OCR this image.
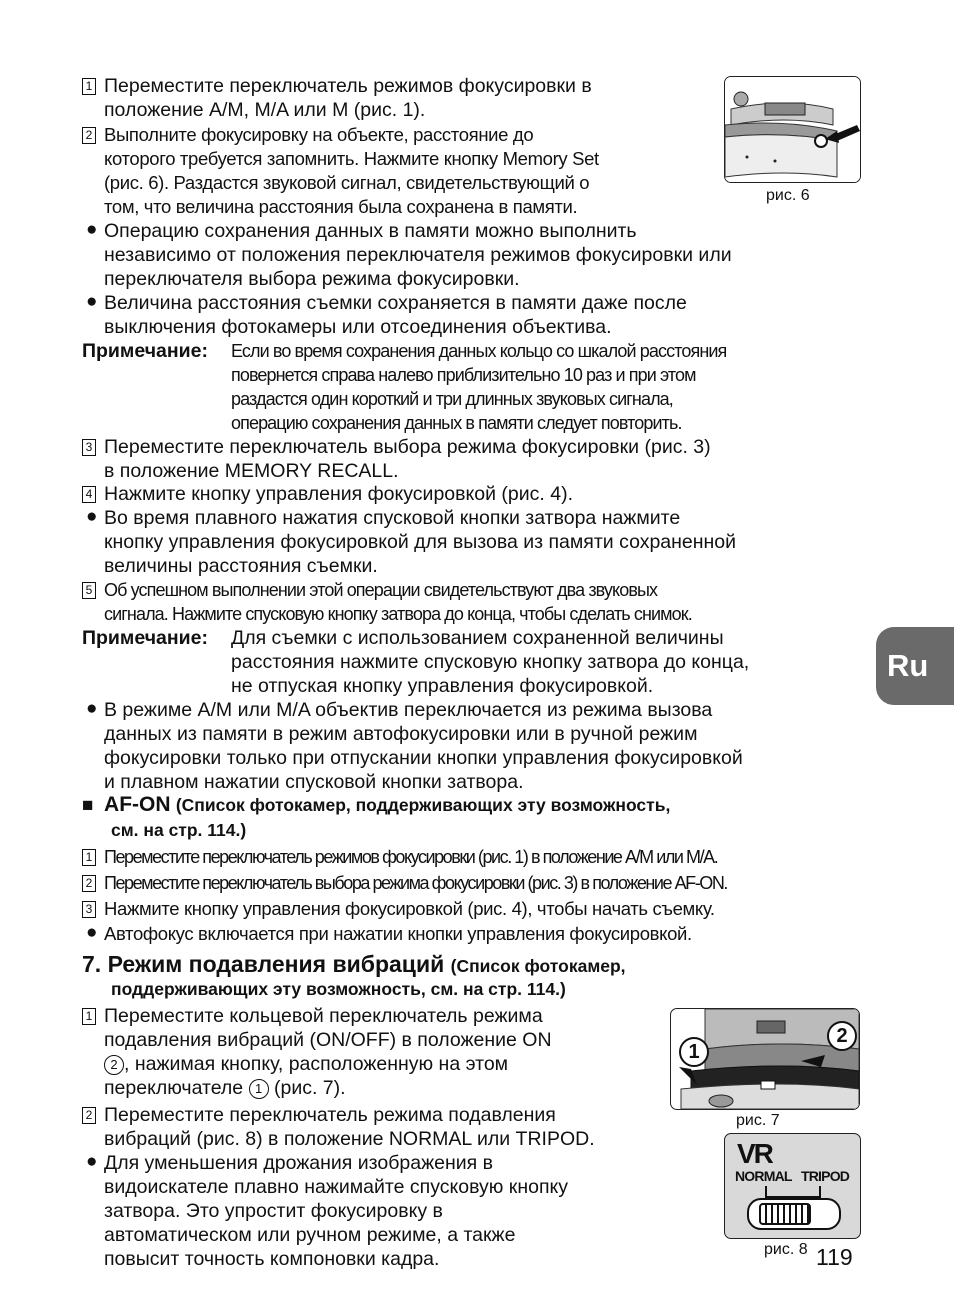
1 Переместите переключатель режимов фокусировки в
положение A/M, M/A или M (рис. 1).
2 Выполните фокусировку на объекте, расстояние до
которого требуется запомнить. Нажмите кнопку Memory Set
(рис. 6). Раздастся звуковой сигнал, свидетельствующий о
том, что величина расстояния была сохранена в памяти.
рис. 6
● Операцию сохранения данных в памяти можно выполнить
независимо от положения переключателя режимов фокусировки или
переключателя выбора режима фокусировки.
● Величина расстояния съемки сохраняется в памяти даже после
выключения фотокамеры или отсоединения объектива.
Примечание: Если во время сохранения данных кольцо со шкалой расстояния
повернется справа налево приблизительно 10 раз и при этом
раздастся один короткий и три длинных звуковых сигнала,
операцию сохранения данных в памяти следует повторить.
3 Переместите переключатель выбора режима фокусировки (рис. 3)
в положение MEMORY RECALL.
4 Нажмите кнопку управления фокусировкой (рис. 4).
● Во время плавного нажатия спусковой кнопки затвора нажмите
кнопку управления фокусировкой для вызова из памяти сохраненной
величины расстояния съемки.
5 Об успешном выполнении этой операции свидетельствуют два звуковых
сигнала. Нажмите спусковую кнопку затвора до конца, чтобы сделать снимок.
Примечание: Для съемки с использованием сохраненной величины
расстояния нажмите спусковую кнопку затвора до конца,
не отпуская кнопку управления фокусировкой.
● В режиме A/M или M/A объектив переключается из режима вызова
данных из памяти в режим автофокусировки или в ручной режим
фокусировки только при отпускании кнопки управления фокусировкой
и плавном нажатии спусковой кнопки затвора.
■ AF-ON (Список фотокамер, поддерживающих эту возможность,
см. на стр. 114.)
1 Переместите переключатель режимов фокусировки (рис. 1) в положение A/M или M/A.
2 Переместите переключатель выбора режима фокусировки (рис. 3) в положение AF-ON.
3 Нажмите кнопку управления фокусировкой (рис. 4), чтобы начать съемку.
● Автофокус включается при нажатии кнопки управления фокусировкой.
7. Режим подавления вибраций (Список фотокамер,
поддерживающих эту возможность, см. на стр. 114.)
1 Переместите кольцевой переключатель режима
подавления вибраций (ON/OFF) в положение ON
2 , нажимая кнопку, расположенную на этом
переключателе 1 (рис. 7).
2 Переместите переключатель режима подавления
вибраций (рис. 8) в положение NORMAL или TRIPOD.
● Для уменьшения дрожания изображения в
видоискателе плавно нажимайте спусковую кнопку
затвора. Это упростит фокусировку в
автоматическом или ручном режиме, а также
повысит точность компоновки кадра.
1
2
рис. 7
VR
NORMAL TRIPOD
рис. 8
Ru
119
